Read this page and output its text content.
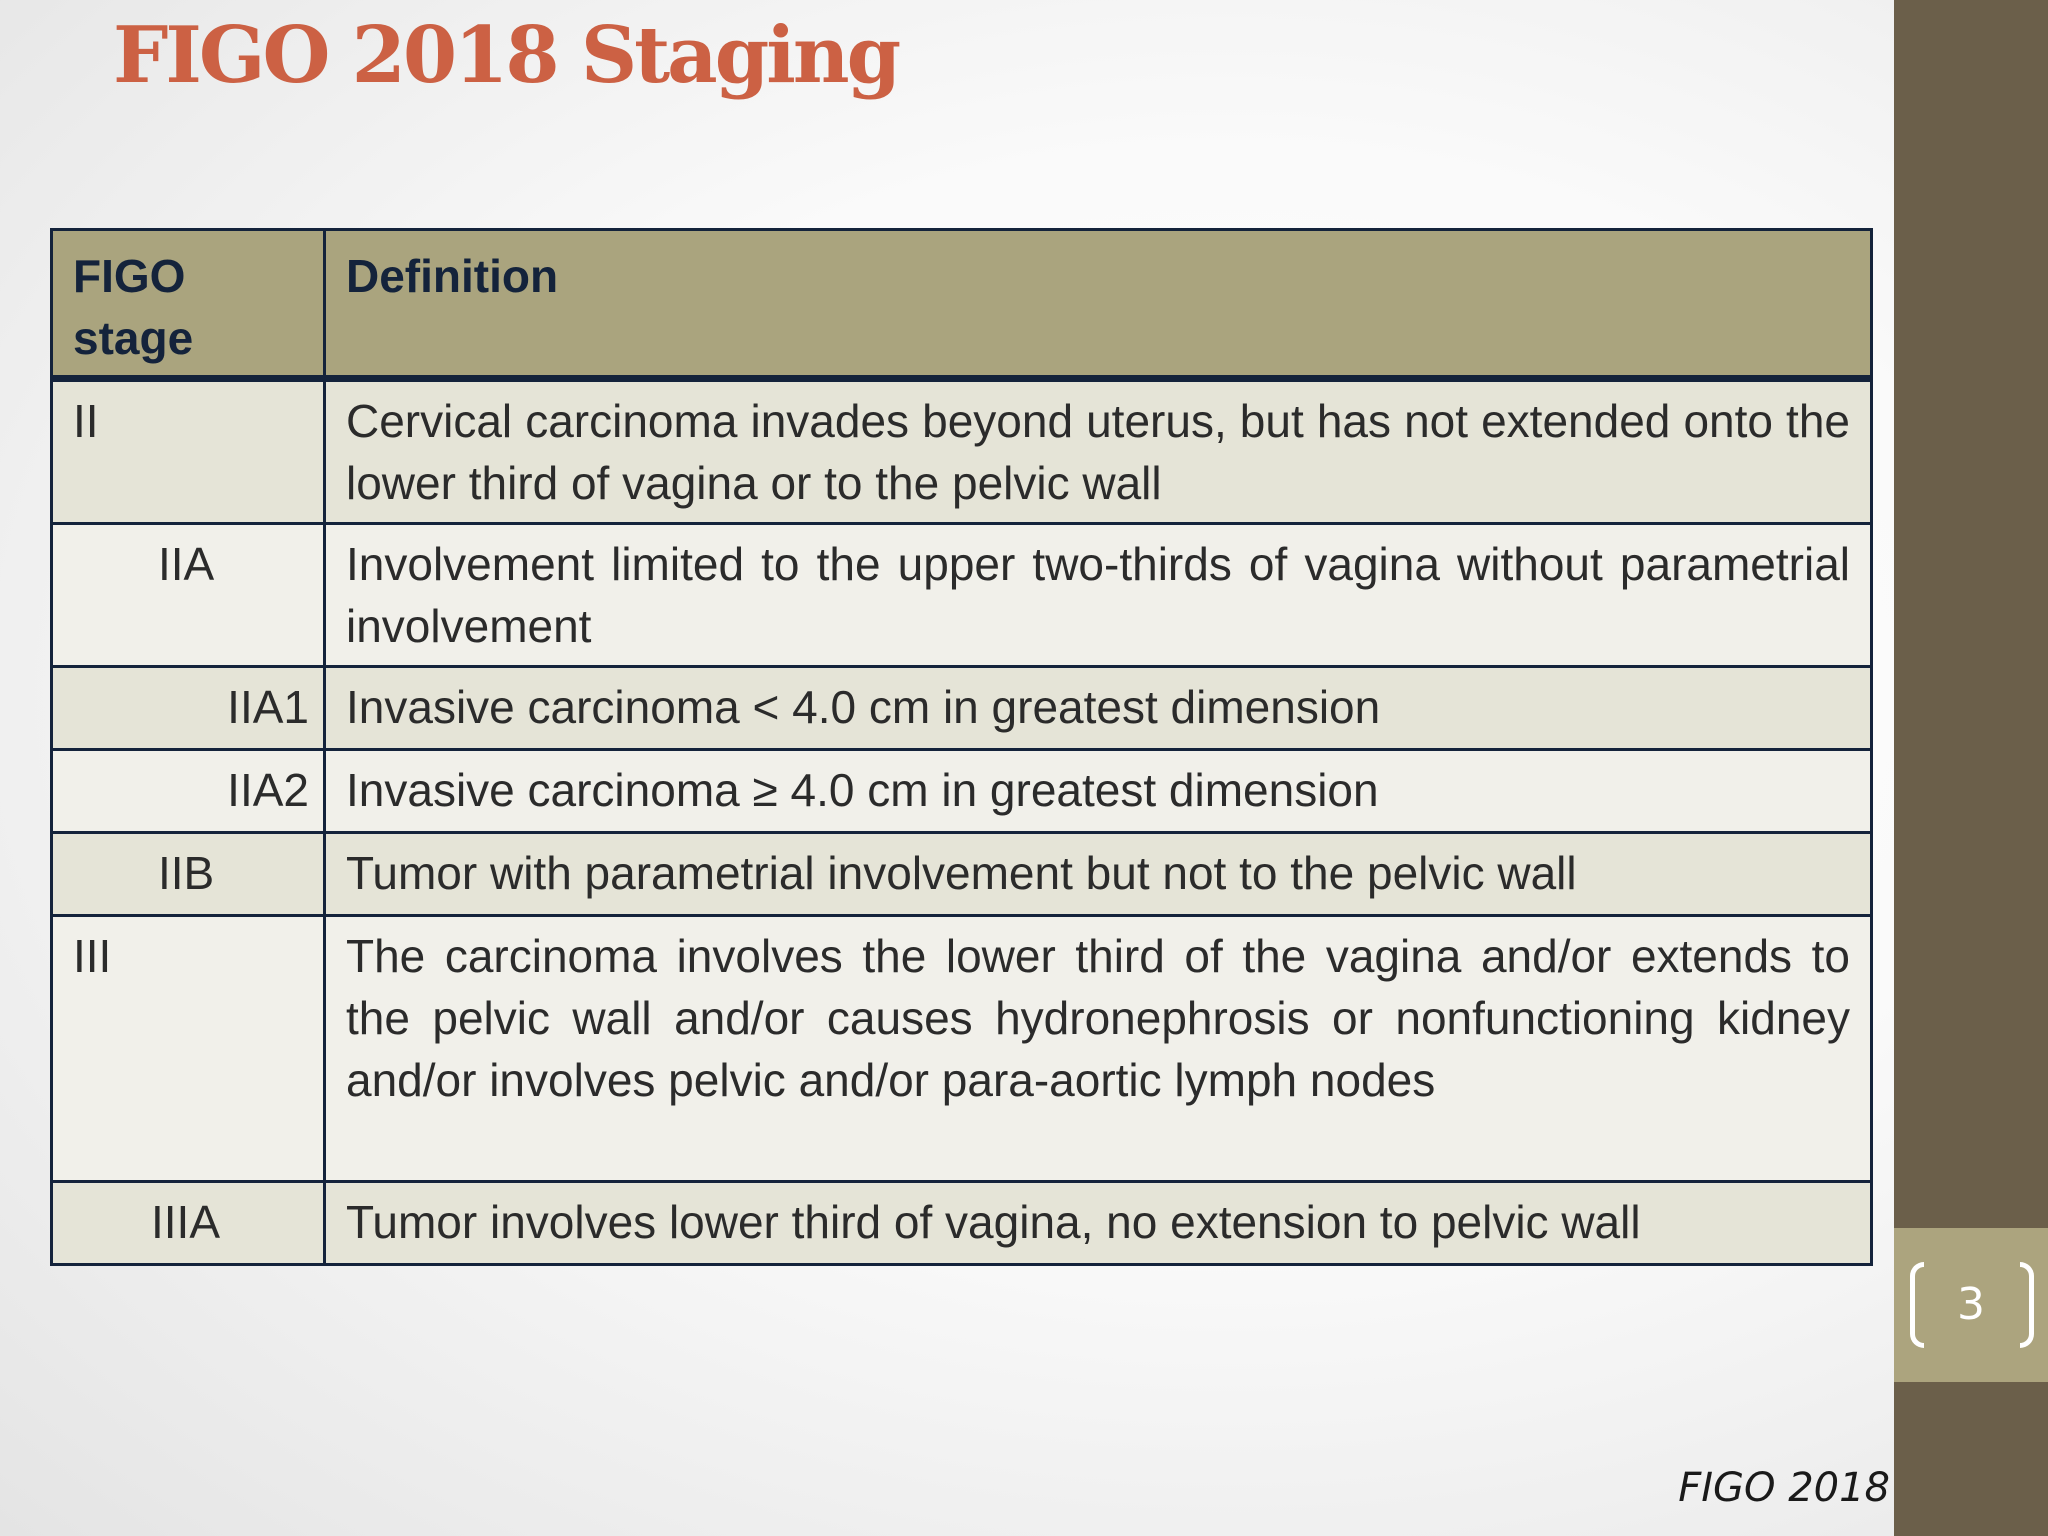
3
FIGO 2018 Staging
FIGO stage	Definition
II	Cervical carcinoma invades beyond uterus, but has not extended onto the lower third of vagina or to the pelvic wall
IIA	Involvement limited to the upper two-thirds of vagina without parametrial involvement
IIA1	Invasive carcinoma < 4.0 cm in greatest dimension
IIA2	Invasive carcinoma ≥ 4.0 cm in greatest dimension
IIB	Tumor with parametrial involvement but not to the pelvic wall
III	The carcinoma involves the lower third of the vagina and/or extends to the pelvic wall and/or causes hydronephrosis or nonfunctioning kidney and/or involves pelvic and/or para-aortic lymph nodes
IIIA	Tumor involves lower third of vagina, no extension to pelvic wall
FIGO 2018
